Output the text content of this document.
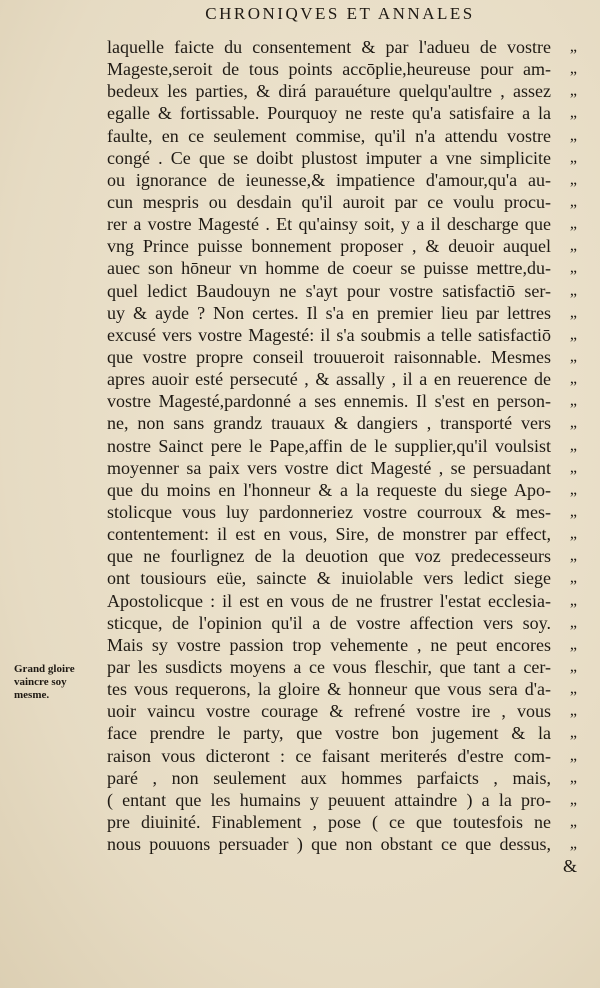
CHRONIQVES ET ANNALES
Grand gloire
vaincre soy
mesme.
laquelle faicte du consentement & par l'adueu de vostre „
Mageste,seroit de tous points accōplie,heureuse pour am- „
bedeux les parties, & dirá parauéture quelqu'aultre , assez „
egalle & fortissable. Pourquoy ne reste qu'a satisfaire a la „
faulte, en ce seulement commise, qu'il n'a attendu vostre „
congé . Ce que se doibt plustost imputer a vne simplicite „
ou ignorance de ieunesse,& impatience d'amour,qu'a au- „
cun mespris ou desdain qu'il auroit par ce voulu procu- „
rer a vostre Magesté . Et qu'ainsy soit, y a il descharge que „
vng Prince puisse bonnement proposer , & deuoir auquel „
auec son hōneur vn homme de coeur se puisse mettre,du- „
quel ledict Baudouyn ne s'ayt pour vostre satisfactiō ser- „
uy & ayde ? Non certes. Il s'a en premier lieu par lettres „
excusé vers vostre Magesté: il s'a soubmis a telle satisfactiō „
que vostre propre conseil trouueroit raisonnable. Mesmes „
apres auoir esté persecuté , & assally , il a en reuerence de „
vostre Magesté,pardonné a ses ennemis. Il s'est en person- „
ne, non sans grandz trauaux & dangiers , transporté vers „
nostre Sainct pere le Pape,affin de le supplier,qu'il voulsist „
moyenner sa paix vers vostre dict Magesté , se persuadant „
que du moins en l'honneur & a la requeste du siege Apo- „
stolicque vous luy pardonneriez vostre courroux & mes- „
contentement: il est en vous, Sire, de monstrer par effect, „
que ne fourlignez de la deuotion que voz predecesseurs „
ont tousiours eüe, saincte & inuiolable vers ledict siege „
Apostolicque : il est en vous de ne frustrer l'estat ecclesia- „
sticque, de l'opinion qu'il a de vostre affection vers soy. „
Mais sy vostre passion trop vehemente , ne peut encores „
par les susdicts moyens a ce vous fleschir, que tant a cer- „
tes vous requerons, la gloire & honneur que vous sera d'a- „
uoir vaincu vostre courage & refrené vostre ire , vous „
face prendre le party, que vostre bon jugement & la „
raison vous dicteront : ce faisant meriterés d'estre com- „
paré , non seulement aux hommes parfaicts , mais, „
( entant que les humains y peuuent attaindre ) a la pro- „
pre diuinité. Finablement , pose ( ce que toutesfois ne „
nous pouuons persuader ) que non obstant ce que dessus, „
&
